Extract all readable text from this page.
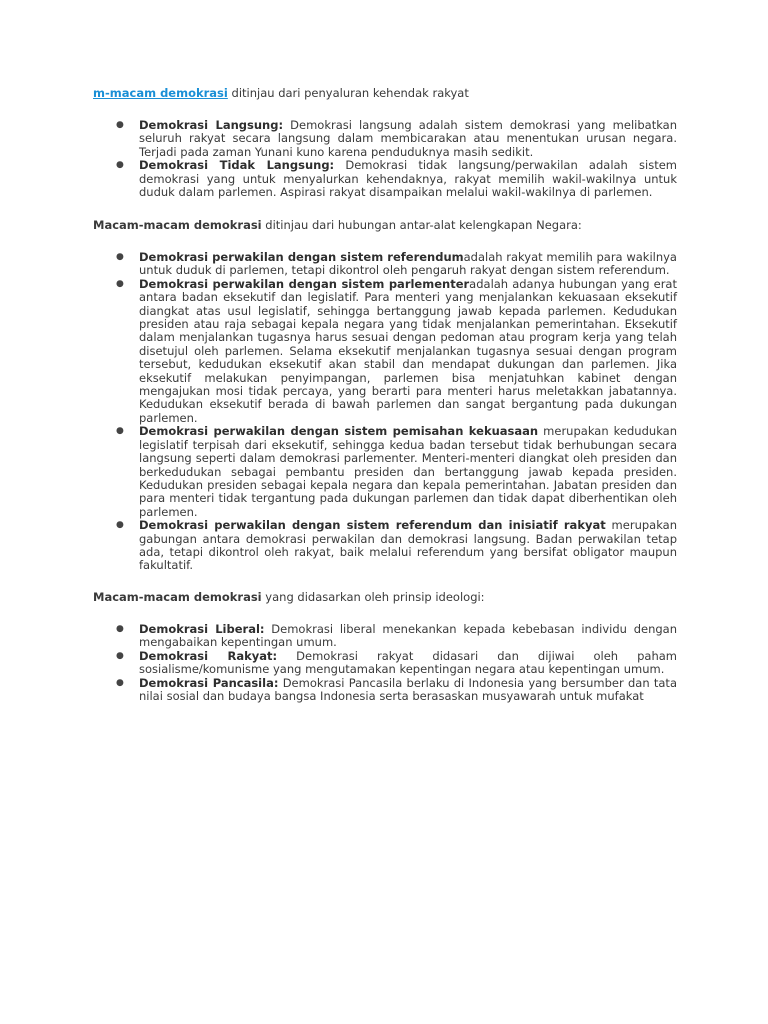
m-macam demokrasi ditinjau dari penyaluran kehendak rakyat

● Demokrasi Langsung: Demokrasi langsung adalah sistem demokrasi yang melibatkan seluruh rakyat secara langsung dalam membicarakan atau menentukan urusan negara. Terjadi pada zaman Yunani kuno karena penduduknya masih sedikit.
● Demokrasi Tidak Langsung: Demokrasi tidak langsung/perwakilan adalah sistem demokrasi yang untuk menyalurkan kehendaknya, rakyat memilih wakil-wakilnya untuk duduk dalam parlemen. Aspirasi rakyat disampaikan melalui wakil-wakilnya di parlemen.

Macam-macam demokrasi ditinjau dari hubungan antar-alat kelengkapan Negara:

● Demokrasi perwakilan dengan sistem referendumadalah rakyat memilih para wakilnya untuk duduk di parlemen, tetapi dikontrol oleh pengaruh rakyat dengan sistem referendum.
● Demokrasi perwakilan dengan sistem parlementeradalah adanya hubungan yang erat antara badan eksekutif dan legislatif. Para menteri yang menjalankan kekuasaan eksekutif diangkat atas usul legislatif, sehingga bertanggung jawab kepada parlemen. Kedudukan presiden atau raja sebagai kepala negara yang tidak menjalankan pemerintahan. Eksekutif dalam menjalankan tugasnya harus sesuai dengan pedoman atau program kerja yang telah disetujul oleh parlemen. Selama eksekutif menjalankan tugasnya sesuai dengan program tersebut, kedudukan eksekutif akan stabil dan mendapat dukungan dan parlemen. Jika eksekutif melakukan penyimpangan, parlemen bisa menjatuhkan kabinet dengan mengajukan mosi tidak percaya, yang berarti para menteri harus meletakkan jabatannya. Kedudukan eksekutif berada di bawah parlemen dan sangat bergantung pada dukungan parlemen.
● Demokrasi perwakilan dengan sistem pemisahan kekuasaan merupakan kedudukan legislatif terpisah dari eksekutif, sehingga kedua badan tersebut tidak berhubungan secara langsung seperti dalam demokrasi parlementer. Menteri-menteri diangkat oleh presiden dan berkedudukan sebagai pembantu presiden dan bertanggung jawab kepada presiden. Kedudukan presiden sebagai kepala negara dan kepala pemerintahan. Jabatan presiden dan para menteri tidak tergantung pada dukungan parlemen dan tidak dapat diberhentikan oleh parlemen.
● Demokrasi perwakilan dengan sistem referendum dan inisiatif rakyat merupakan gabungan antara demokrasi perwakilan dan demokrasi langsung. Badan perwakilan tetap ada, tetapi dikontrol oleh rakyat, baik melalui referendum yang bersifat obligator maupun fakultatif.

Macam-macam demokrasi yang didasarkan oleh prinsip ideologi:

● Demokrasi Liberal: Demokrasi liberal menekankan kepada kebebasan individu dengan mengabaikan kepentingan umum.
● Demokrasi Rakyat: Demokrasi rakyat didasari dan dijiwai oleh paham sosialisme/komunisme yang mengutamakan kepentingan negara atau kepentingan umum.
● Demokrasi Pancasila: Demokrasi Pancasila berlaku di Indonesia yang bersumber dan tata nilai sosial dan budaya bangsa Indonesia serta berasaskan musyawarah untuk mufakat
